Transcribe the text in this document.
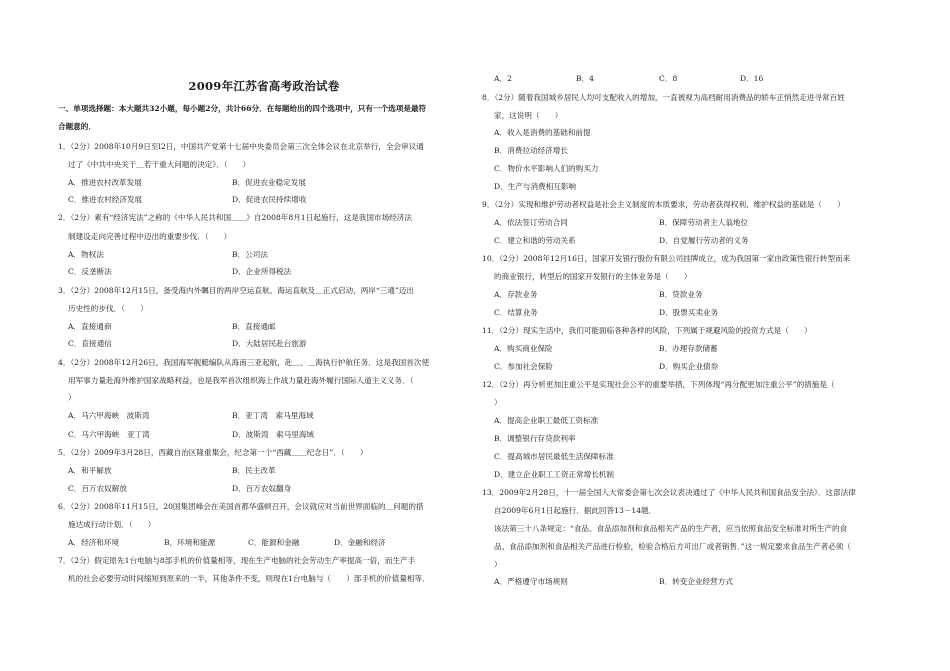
2009年江苏省高考政治试卷
一、单项选择题：本大题共32小题，每小题2分，共计66分．在每题给出的四个选项中，只有一个选项是最符
合题意的．
1．（2分）2008年10月9日至l2日，中国共产党第十七届中央委员会第三次全体会议在北京举行，全会审议通
过了《中共中央关于＿若干重大问题的决定》．（　　）
A．推进农村改革发展	B．促进农业稳定发展
C．推进农村经济发展	D．促进农民持续增收
2．（2分）素有“经济宪法”之称的《中华人民共和国＿＿》自2008年8月1日起施行，这是我国市场经济法
制建设走向完善过程中迈出的重要步伐．（　　）
A．物权法	B．公司法
C．反垄断法	D．企业所得税法
3．（2分）2008年12月15日，备受海内外瞩目的两岸空运直航、海运直航及＿正式启动，两岸“三通”迈出
历史性的步伐．（　　）
A．直接通商	B．直接通邮
C．直接通信	D．大陆居民赴台旅游
4．（2分）2008年12月26日，我国海军舰艇编队从海南三亚起航，赴＿、＿海执行护航任务．这是我国首次使
用军事力量赴海外维护国家战略利益，也是我军首次组织海上作战力量赴海外履行国际人道主义义务．（　　
）
A．马六甲海峡　波斯湾	B．亚丁湾　索马里海域
C．马六甲海峡　亚丁湾	D．波斯湾　索马里海域
5．（2分）2009年3月28日，西藏自治区隆重集会，纪念第一个“西藏＿＿纪念日”．（　　）
A．和平解放	B．民主改革
C．百万农奴解放	D．百万农奴翻身
6．（2分）2008年11月15日，20国集团峰会在美国首都华盛顿召开，会议就应对当前世界面临的＿问题的措
施达成行动计划．（　　）
A．经济和环境	B．环境和能源	C．能源和金融	D．金融和经济
7．（2分）假定原先1台电脑与8部手机的价值量相等，现在生产电脑的社会劳动生产率提高一倍，而生产手
机的社会必要劳动时间缩短到原来的一半，其他条件不变，则现在1台电脑与（　　）部手机的价值量相等．
A．2	B．4	C．8	D．16
8．（2分）随着我国城乡居民人均可支配收入的增加，一直被视为高档耐用消费品的轿车正悄然走进寻常百姓
家，这说明（　　）
A．收入是消费的基础和前提
B．消费拉动经济增长
C．物价水平影响人们的购买力
D．生产与消费相互影响
9．（2分）实现和维护劳动者权益是社会主义制度的本质要求，劳动者获得权利、维护权益的基础是（　　）
A．依法签订劳动合同	B．保障劳动者主人翁地位
C．建立和谐的劳动关系	D．自觉履行劳动者的义务
10．（2分）2008年12月16日，国家开发银行股份有限公司挂牌成立，成为我国第一家由政策性银行转型而来
的商业银行，转型后的国家开发银行的主体业务是（　　）
A．存款业务	B．贷款业务
C．结算业务	D．股票买卖业务
11．（2分）现实生活中，我们可能面临各种各样的风险，下列属于规避风险的投资方式是（　　）
A．购买商业保险	B．办理存款储蓄
C．参加社会保险	D．购买企业债券
12．（2分）再分析更加注重公平是实现社会公平的重要举措，下列体现“再分配更加注重公平”的措施是（
）
A．提高企业职工最低工资标准
B．调整银行存贷款利率
C．提高城市居民最低生活保障标准
D．建立企业职工工资正常增长机制
13．2009年2月28日，十一届全国人大常委会第七次会议表决通过了《中华人民共和国食品安全法》．这部法律
自2009年6月1日起施行．据此回答13－14题．
该法第三十八条规定：“食品、食品添加剂和食品相关产品的生产者，应当依照食品安全标准对所生产的食
品、食品添加剂和食品相关产品进行检验，检验合格后方可出厂或者销售．”这一规定要求食品生产者必须（
）
A．严格遵守市场规则	B．转变企业经营方式
